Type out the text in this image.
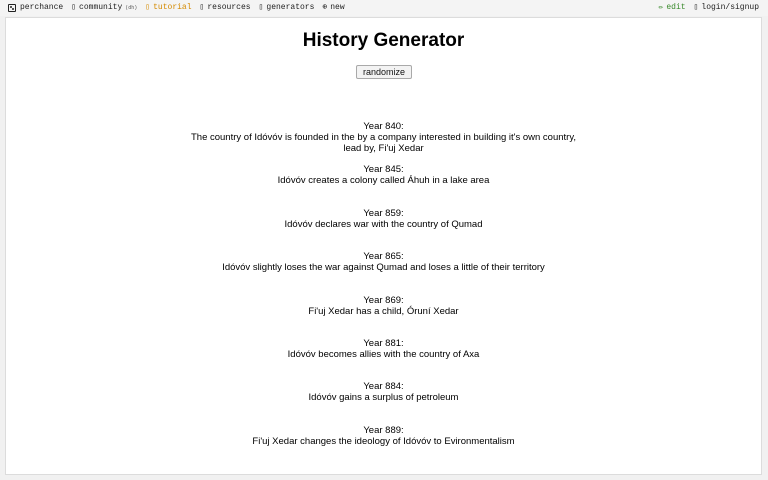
perchance ▯ community (dh) ▯ tutorial ▯ resources ▯ generators ⊕ new	✏ edit ▯ login/signup
History Generator
randomize
Year 840:
The country of Idóvóv is founded in the by a company interested in building it's own country, lead by, Fi'uj Xedar
Year 845:
Idóvóv creates a colony called Áhuh in a lake area
Year 859:
Idóvóv declares war with the country of Qumad
Year 865:
Idóvóv slightly loses the war against Qumad and loses a little of their territory
Year 869:
Fi'uj Xedar has a child, Óruní Xedar
Year 881:
Idóvóv becomes allies with the country of Axa
Year 884:
Idóvóv gains a surplus of petroleum
Year 889:
Fi'uj Xedar changes the ideology of Idóvóv to Evironmentalism
